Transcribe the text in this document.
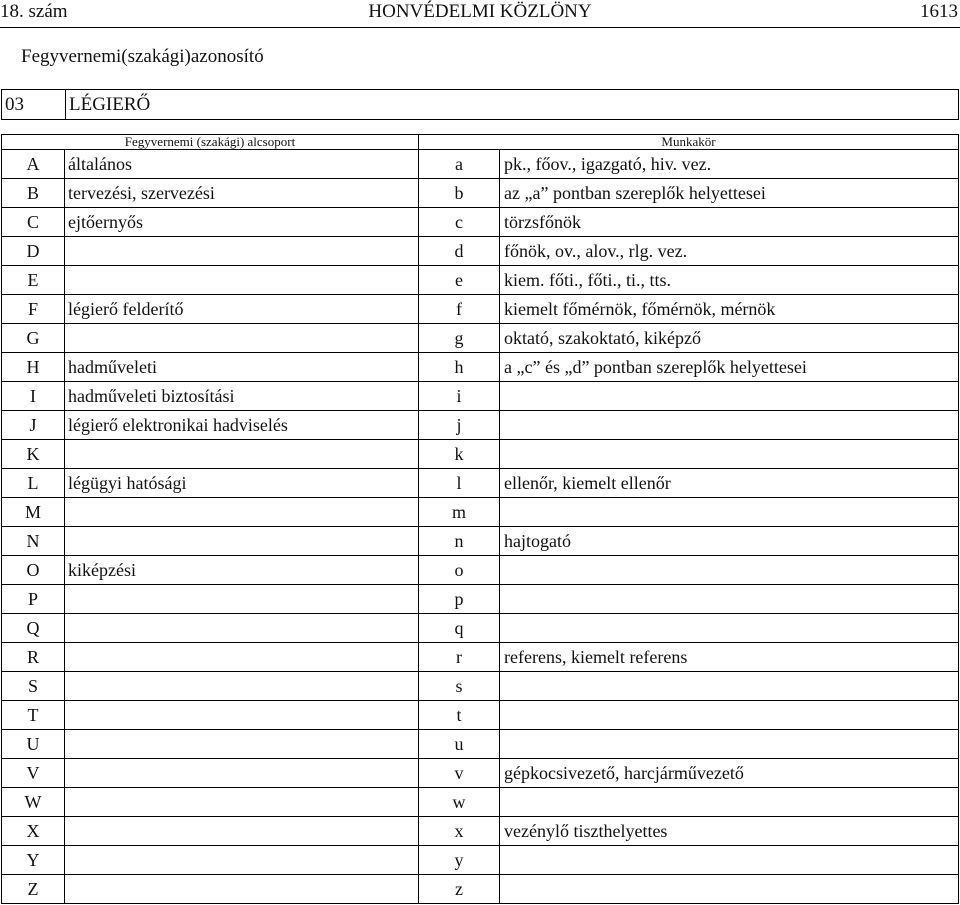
18. szám	HONVÉDELMI KÖZLÖNY	1613
Fegyvernemi(szakági)azonosító
03	LÉGIERŐ
Fegyvernemi (szakági) alcsoport		Munkakör	
A	általános	a	pk., főov., igazgató, hiv. vez.
B	tervezési, szervezési	b	az „a” pontban szereplők helyettesei
C	ejtőernyős	c	törzsfőnök
D		d	főnök, ov., alov., rlg. vez.
E		e	kiem. főti., főti., ti., tts.
F	légierő felderítő	f	kiemelt főmérnök, főmérnök, mérnök
G		g	oktató, szakoktató, kiképző
H	hadműveleti	h	a „c” és „d” pontban szereplők helyettesei
I	hadműveleti biztosítási	i	
J	légierő elektronikai hadviselés	j	
K		k	
L	légügyi hatósági	l	ellenőr, kiemelt ellenőr
M		m	
N		n	hajtogató
O	kiképzési	o	
P		p	
Q		q	
R		r	referens, kiemelt referens
S		s	
T		t	
U		u	
V		v	gépkocsivezető, harcjárművezető
W		w	
X		x	vezénylő tiszthelyettes
Y		y	
Z		z	
